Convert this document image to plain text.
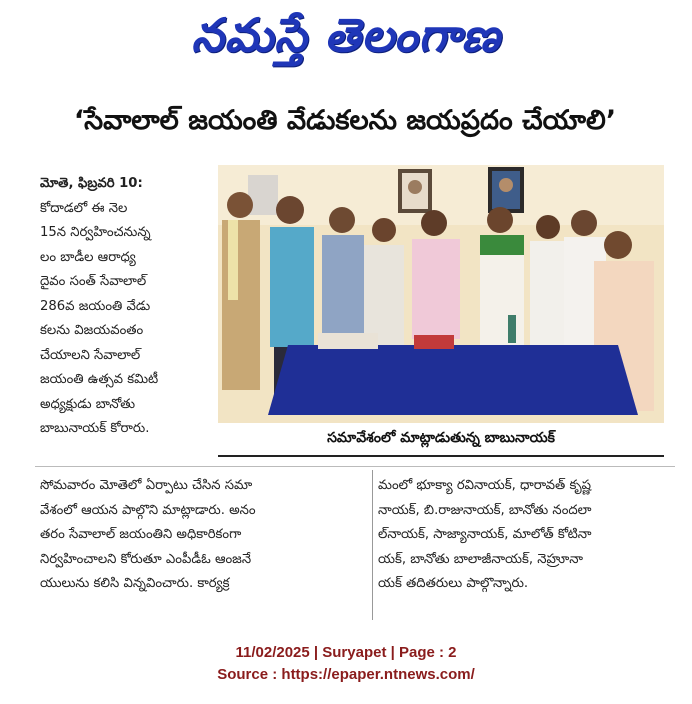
నమస్తే తెలంగాణ
‘సేవాలాల్ జయంతి వేడుకలను జయప్రదం చేయాలి’
మోతె, ఫిబ్రవరి 10:
కోదాడలో ఈ నెల
15న నిర్వహించనున్న
లం బాడీల ఆరాధ్య
దైవం సంత్ సేవాలాల్
286వ జయంతి వేడు
కలను విజయవంతం
చేయాలని సేవాలాల్
జయంతి ఉత్సవ కమిటీ
అధ్యక్షుడు బానోతు
బాబునాయక్ కోరారు.
సమావేశంలో మాట్లాడుతున్న బాబునాయక్
సోమవారం మోతెలో ఏర్పాటు చేసిన సమా
వేశంలో ఆయన పాల్గొని మాట్లాడారు. అనం
తరం సేవాలాల్ జయంతిని అధికారికంగా
నిర్వహించాలని కోరుతూ ఎంపీడీఓ ఆంజనే
యులును కలిసి విన్నవించారు. కార్యక్ర
మంలో భూక్యా రవినాయక్, ధారావత్ కృష్ణ
నాయక్, బి.రాజునాయక్, బానోతు నందలా
ల్‌నాయక్, సాజ్యానాయక్, మాలోత్ కోటినా
యక్, బానోతు బాలాజీనాయక్, నెహ్రూనా
యక్ తదితరులు పాల్గొన్నారు.
11/02/2025 | Suryapet | Page : 2
Source : https://epaper.ntnews.com/
